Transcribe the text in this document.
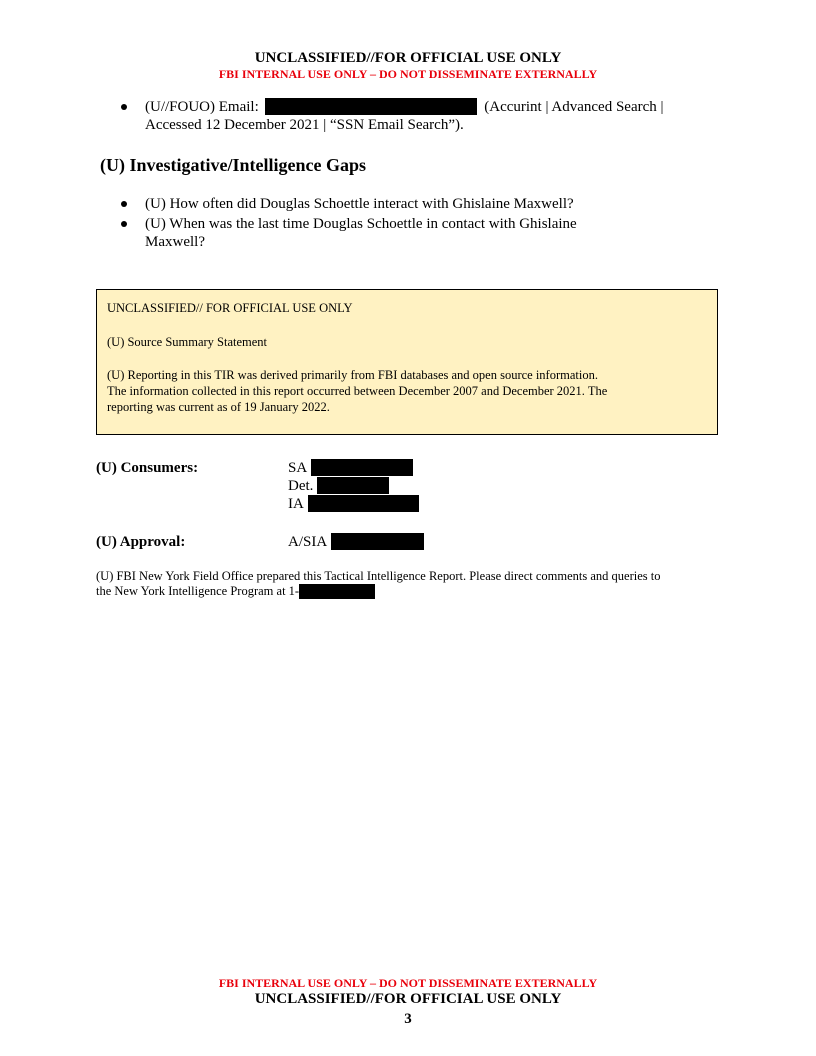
UNCLASSIFIED//FOR OFFICIAL USE ONLY
FBI INTERNAL USE ONLY – DO NOT DISSEMINATE EXTERNALLY
(U//FOUO) Email:	(Accurint | Advanced Search |
Accessed 12 December 2021 | “SSN Email Search”).
(U) Investigative/Intelligence Gaps
(U) How often did Douglas Schoettle interact with Ghislaine Maxwell?
(U) When was the last time Douglas Schoettle in contact with Ghislaine
Maxwell?
UNCLASSIFIED// FOR OFFICIAL USE ONLY
(U) Source Summary Statement
(U) Reporting in this TIR was derived primarily from FBI databases and open source information.
The information collected in this report occurred between December 2007 and December 2021. The
reporting was current as of 19 January 2022.
(U) Consumers:	SA
Det.
IA
(U) Approval:	A/SIA
(U) FBI New York Field Office prepared this Tactical Intelligence Report. Please direct comments and queries to
the New York Intelligence Program at 1-
FBI INTERNAL USE ONLY – DO NOT DISSEMINATE EXTERNALLY
UNCLASSIFIED//FOR OFFICIAL USE ONLY
3
